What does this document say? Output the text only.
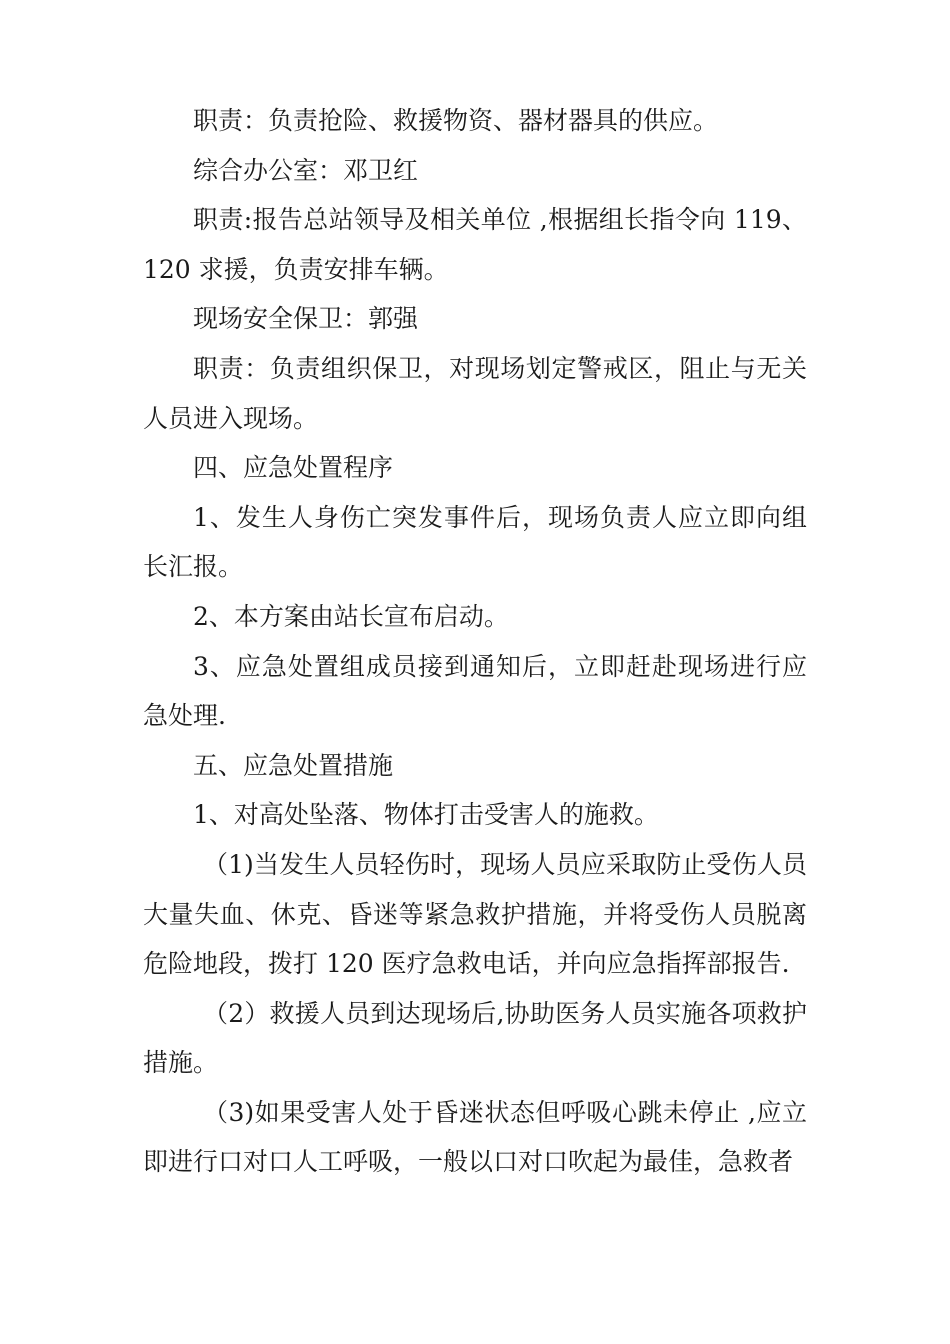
职责：负责抢险、救援物资、器材器具的供应。

综合办公室：邓卫红

职责:报告总站领导及相关单位 ,根据组长指令向 119、120 求援，负责安排车辆。

现场安全保卫：郭强

职责：负责组织保卫，对现场划定警戒区，阻止与无关人员进入现场。

四、应急处置程序

1、发生人身伤亡突发事件后，现场负责人应立即向组长汇报。

2、本方案由站长宣布启动。

3、应急处置组成员接到通知后，立即赶赴现场进行应急处理.

五、应急处置措施

1、对高处坠落、物体打击受害人的施救。

（1)当发生人员轻伤时，现场人员应采取防止受伤人员大量失血、休克、昏迷等紧急救护措施，并将受伤人员脱离危险地段，拨打 120 医疗急救电话，并向应急指挥部报告.

（2）救援人员到达现场后,协助医务人员实施各项救护措施。

（3)如果受害人处于昏迷状态但呼吸心跳未停止 ,应立即进行口对口人工呼吸，一般以口对口吹起为最佳，急救者
